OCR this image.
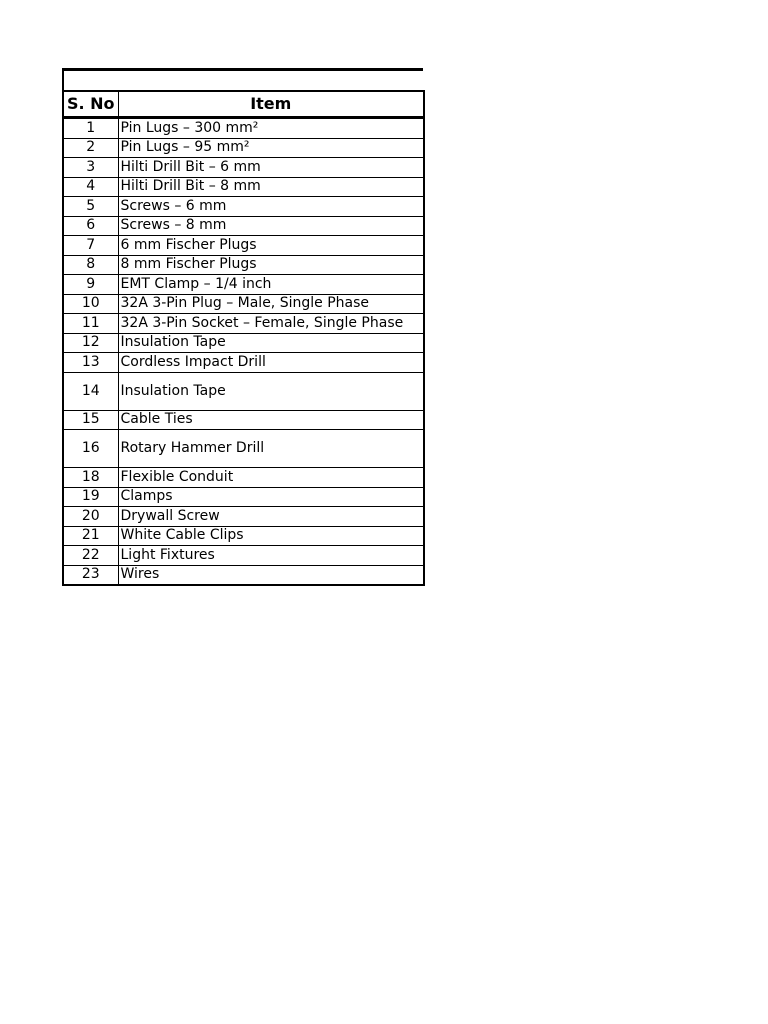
S. No	Item
1	Pin Lugs – 300 mm²
2	Pin Lugs – 95 mm²
3	Hilti Drill Bit – 6 mm
4	Hilti Drill Bit – 8 mm
5	Screws – 6 mm
6	Screws – 8 mm
7	6 mm Fischer Plugs
8	8 mm Fischer Plugs
9	EMT Clamp – 1/4 inch
10	32A 3-Pin Plug – Male, Single Phase
11	32A 3-Pin Socket – Female, Single Phase
12	Insulation Tape
13	Cordless Impact Drill
14	Insulation Tape
15	Cable Ties
16	Rotary Hammer Drill
18	Flexible Conduit
19	Clamps
20	Drywall Screw
21	White Cable Clips
22	Light Fixtures
23	Wires
